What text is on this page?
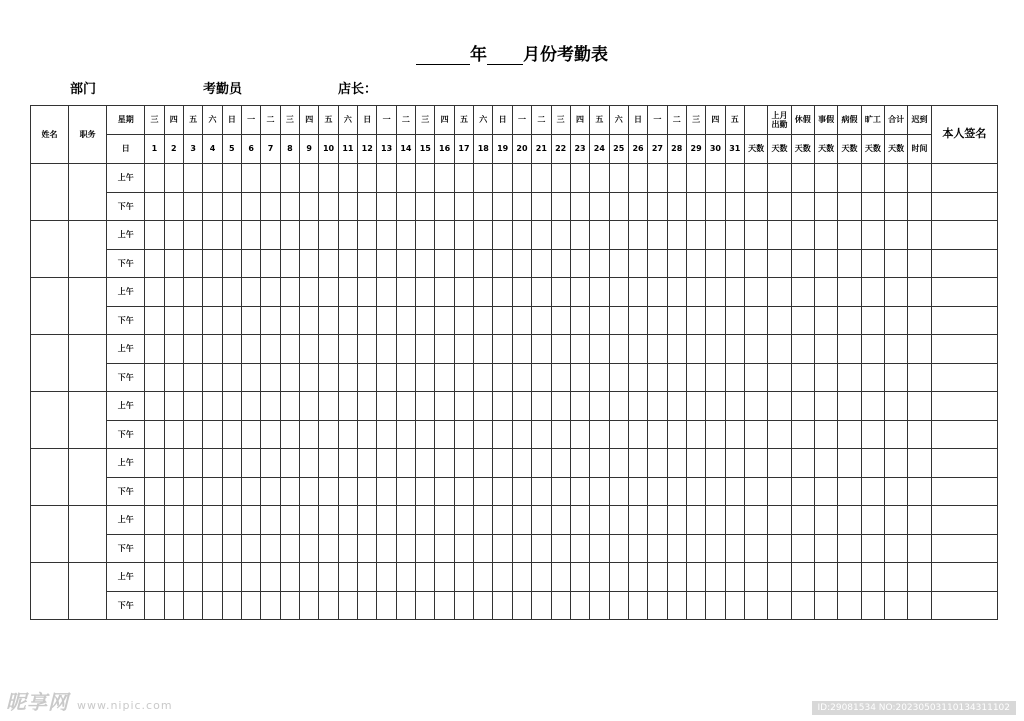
年 月份考勤表
部门	考勤员	店长：
姓名	职务	星期	三	四	五	六	日	一	二	三	四	五	六	日	一	二	三	四	五	六	日	一	二	三	四	五	六	日	一	二	三	四	五		上月出勤	休假	事假	病假	旷工	合计	迟到	本人签名
		日	1	2	3	4	5	6	7	8	9	10	11	12	13	14	15	16	17	18	19	20	21	22	23	24	25	26	27	28	29	30	31	天数	天数	天数	天数	天数	天数	天数	时间	
		上午																																								
		下午																																								
		上午																																								
		下午																																								
		上午																																								
		下午																																								
		上午																																								
		下午																																								
		上午																																								
		下午																																								
		上午																																								
		下午																																								
		上午																																								
		下午																																								
		上午																																								
		下午																																								
昵享网 www.nipic.com	ID:29081534 NO:20230503110134311102
